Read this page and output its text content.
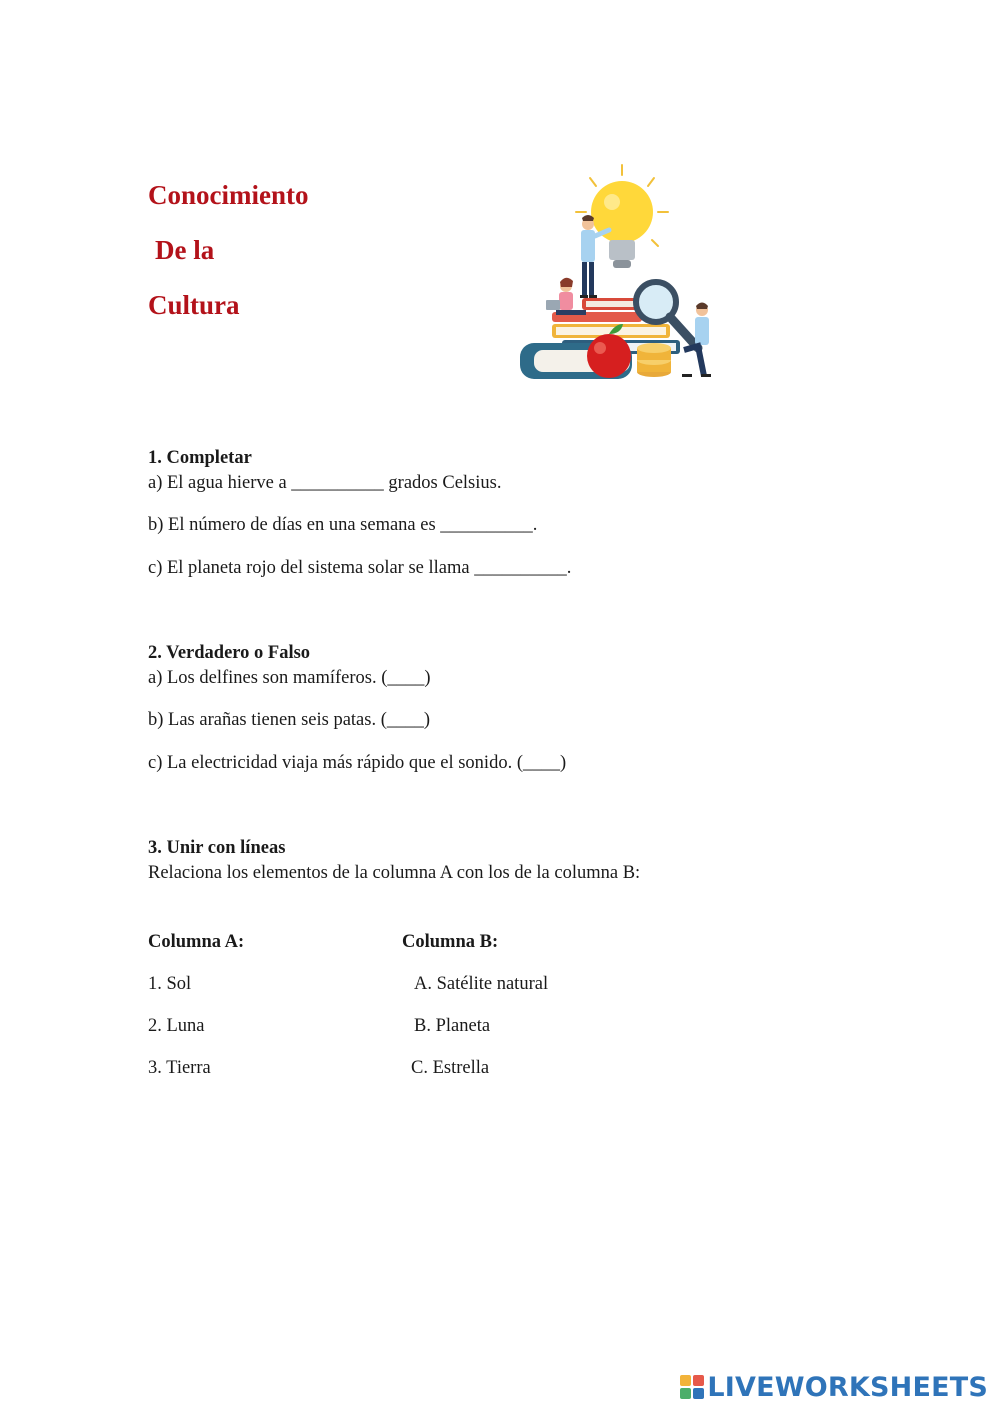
Conocimiento
De la
Cultura
1. Completar
a) El agua hierve a __________ grados Celsius.
b) El número de días en una semana es __________.
c) El planeta rojo del sistema solar se llama __________.
2. Verdadero o Falso
a) Los delfines son mamíferos. (____)
b) Las arañas tienen seis patas. (____)
c) La electricidad viaja más rápido que el sonido. (____)
3. Unir con líneas
Relaciona los elementos de la columna A con los de la columna B:
Columna A:	Columna B:
1. Sol
2. Luna
3. Tierra
A. Satélite natural
B. Planeta
C. Estrella
LIVEWORKSHEETS
